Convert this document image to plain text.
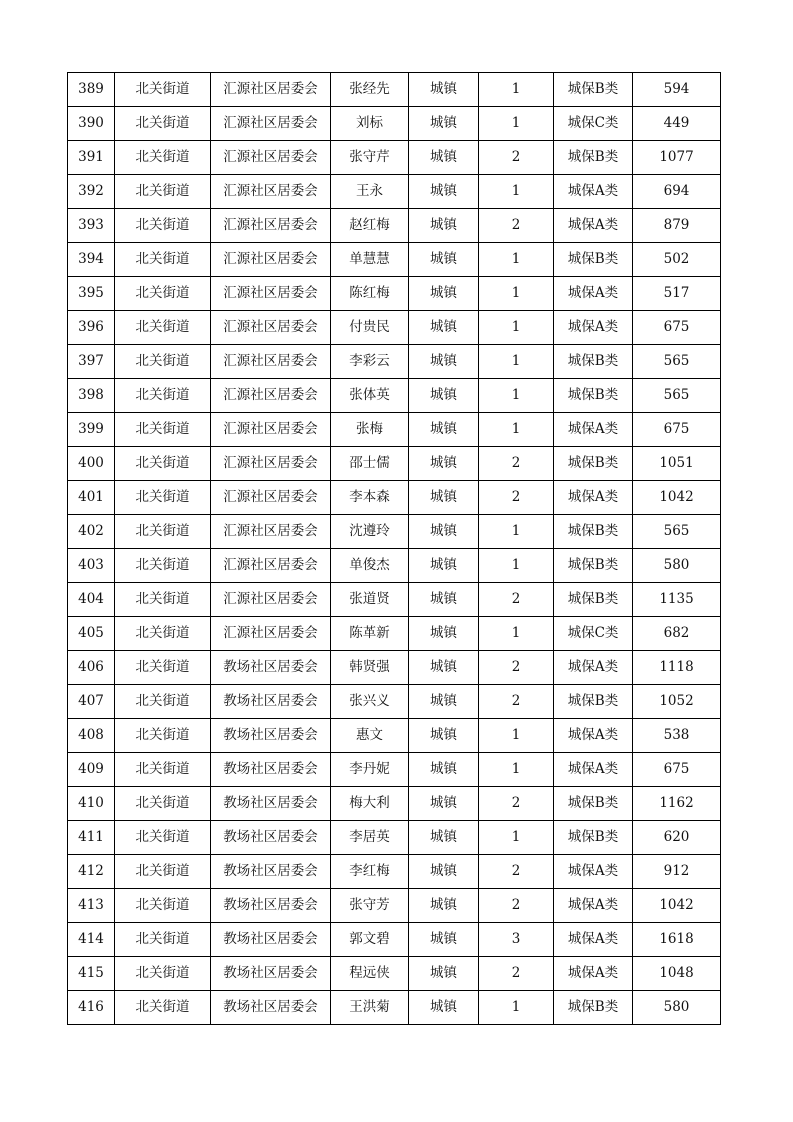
389	北关街道	汇源社区居委会	张经先	城镇	1	城保B类	594
390	北关街道	汇源社区居委会	刘标	城镇	1	城保C类	449
391	北关街道	汇源社区居委会	张守芹	城镇	2	城保B类	1077
392	北关街道	汇源社区居委会	王永	城镇	1	城保A类	694
393	北关街道	汇源社区居委会	赵红梅	城镇	2	城保A类	879
394	北关街道	汇源社区居委会	单慧慧	城镇	1	城保B类	502
395	北关街道	汇源社区居委会	陈红梅	城镇	1	城保A类	517
396	北关街道	汇源社区居委会	付贵民	城镇	1	城保A类	675
397	北关街道	汇源社区居委会	李彩云	城镇	1	城保B类	565
398	北关街道	汇源社区居委会	张体英	城镇	1	城保B类	565
399	北关街道	汇源社区居委会	张梅	城镇	1	城保A类	675
400	北关街道	汇源社区居委会	邵士儒	城镇	2	城保B类	1051
401	北关街道	汇源社区居委会	李本森	城镇	2	城保A类	1042
402	北关街道	汇源社区居委会	沈遵玲	城镇	1	城保B类	565
403	北关街道	汇源社区居委会	单俊杰	城镇	1	城保B类	580
404	北关街道	汇源社区居委会	张道贤	城镇	2	城保B类	1135
405	北关街道	汇源社区居委会	陈革新	城镇	1	城保C类	682
406	北关街道	教场社区居委会	韩贤强	城镇	2	城保A类	1118
407	北关街道	教场社区居委会	张兴义	城镇	2	城保B类	1052
408	北关街道	教场社区居委会	惠文	城镇	1	城保A类	538
409	北关街道	教场社区居委会	李丹妮	城镇	1	城保A类	675
410	北关街道	教场社区居委会	梅大利	城镇	2	城保B类	1162
411	北关街道	教场社区居委会	李居英	城镇	1	城保B类	620
412	北关街道	教场社区居委会	李红梅	城镇	2	城保A类	912
413	北关街道	教场社区居委会	张守芳	城镇	2	城保A类	1042
414	北关街道	教场社区居委会	郭文碧	城镇	3	城保A类	1618
415	北关街道	教场社区居委会	程远侠	城镇	2	城保A类	1048
416	北关街道	教场社区居委会	王洪菊	城镇	1	城保B类	580
